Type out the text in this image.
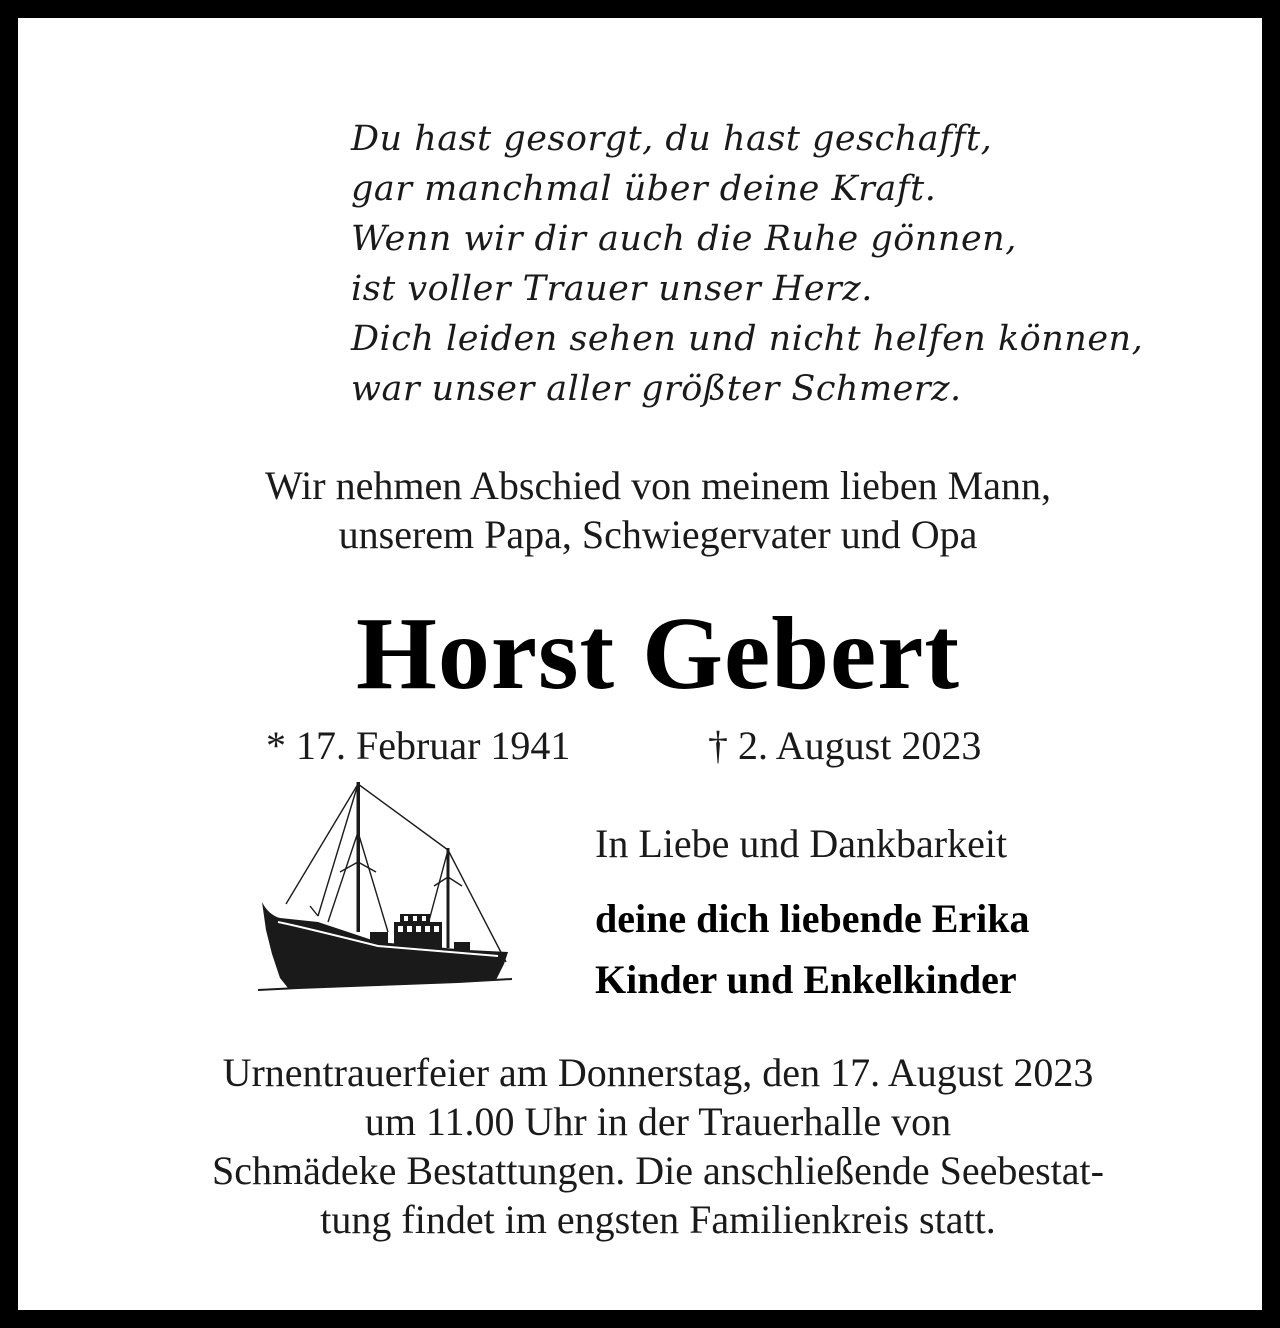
Du hast gesorgt, du hast geschafft,
gar manchmal über deine Kraft.
Wenn wir dir auch die Ruhe gönnen,
ist voller Trauer unser Herz.
Dich leiden sehen und nicht helfen können,
war unser aller größter Schmerz.
Wir nehmen Abschied von meinem lieben Mann,
unserem Papa, Schwiegervater und Opa
Horst Gebert
* 17. Februar 1941	† 2. August 2023
In Liebe und Dankbarkeit
deine dich liebende Erika
Kinder und Enkelkinder
Urnentrauerfeier am Donnerstag, den 17. August 2023
um 11.00 Uhr in der Trauerhalle von
Schmädeke Bestattungen. Die anschließende Seebestat-
tung findet im engsten Familienkreis statt.
